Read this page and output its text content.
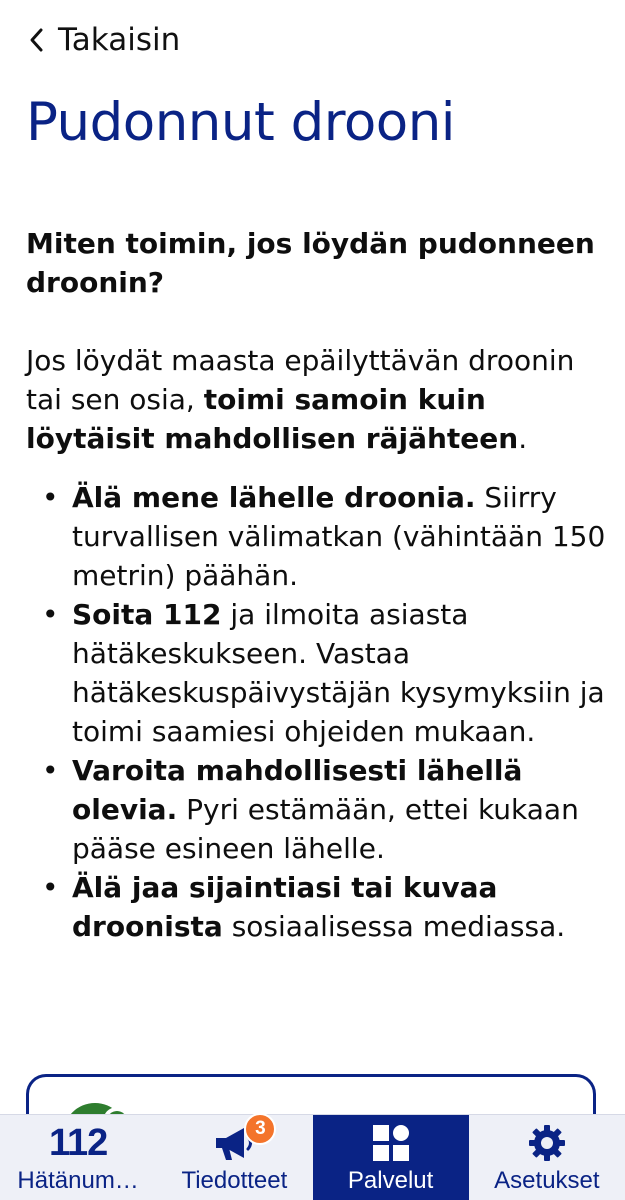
Takaisin
Pudonnut drooni

Miten toimin, jos löydän pudonneen droonin?

Jos löydät maasta epäilyttävän droonin tai sen osia, toimi samoin kuin löytäisit mahdollisen räjähteen.

• Älä mene lähelle droonia. Siirry turvallisen välimatkan (vähintään 150 metrin) päähän.
• Soita 112 ja ilmoita asiasta hätäkeskukseen. Vastaa hätäkeskuspäivystäjän kysymyksiin ja toimi saamiesi ohjeiden mukaan.
• Varoita mahdollisesti lähellä olevia. Pyri estämään, ettei kukaan pääse esineen lähelle.
• Älä jaa sijaintiasi tai kuvaa droonista sosiaalisessa mediassa.
112
Hätänum…
3
Tiedotteet	Palvelut	Asetukset
